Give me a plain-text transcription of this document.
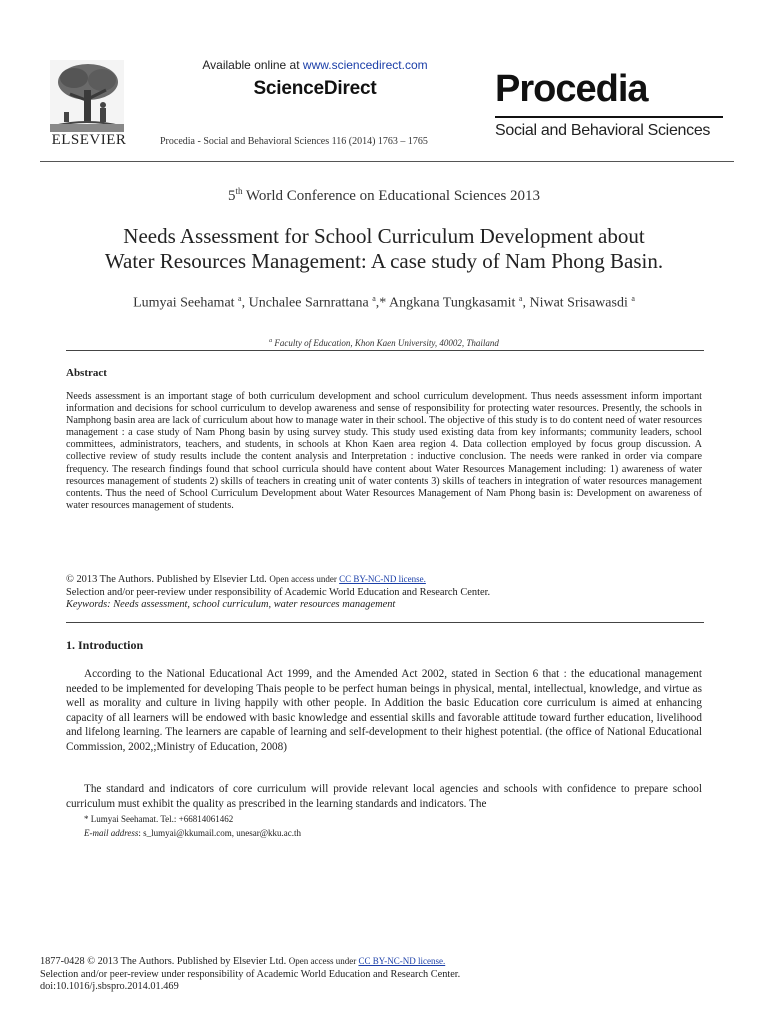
ELSEVIER
Available online at www.sciencedirect.com
ScienceDirect
Procedia - Social and Behavioral Sciences 116 (2014) 1763 – 1765
Procedia
Social and Behavioral Sciences
5th World Conference on Educational Sciences 2013
Needs Assessment for School Curriculum Development about
Water Resources Management: A case study of Nam Phong Basin.
Lumyai Seehamat $^a$, Unchalee Sarnrattana $^a$,* Angkana Tungkasamit $^a$, Niwat Srisawasdi $^a$
$^a$ Faculty of Education, Khon Kaen University, 40002, Thailand
Abstract
Needs assessment is an important stage of both curriculum development and school curriculum development. Thus needs assessment inform important information and decisions for school curriculum to develop awareness and sense of responsibility for protecting water resources. Presently, the schools in Namphong basin area are lack of curriculum about how to manage water in their school. The objective of this study is to do content need of water resources management : a case study of Nam Phong basin by using survey study. This study used existing data from key informants; community leaders, school committees, administrators, teachers, and students, in schools at Khon Kaen area region 4. Data collection employed by focus group discussion. A collective review of study results include the content analysis and Interpretation : inductive conclusion. The needs were ranked in order via compare frequency. The research findings found that school curricula should have content about Water Resources Management including: 1) awareness of water resources management of students 2) skills of teachers in creating unit of water contents 3) skills of teachers in integration of water resources management contents. Thus the need of School Curriculum Development about Water Resources Management of Nam Phong basin is: Development on awareness of water resources management of students.
© 2013 The Authors. Published by Elsevier Ltd. Open access under CC BY-NC-ND license.
Selection and/or peer-review under responsibility of Academic World Education and Research Center.
Keywords: Needs assessment, school curriculum, water resources management
1. Introduction
According to the National Educational Act 1999, and the Amended Act 2002, stated in Section 6 that : the educational management needed to be implemented for developing Thais people to be perfect human beings in physical, mental, intellectual, knowledge, and virtue as well as morality and culture in living happily with other people. In Addition the basic Education core curriculum is aimed at enhancing capacity of all learners will be endowed with basic knowledge and essential skills and favorable attitude toward further education, livelihood and lifelong learning. The learners are capable of learning and self-development to their highest potential. (the office of National Educational Commission, 2002,;Ministry of Education, 2008)
The standard and indicators of core curriculum will provide relevant local agencies and schools with confidence to prepare school curriculum must exhibit the quality as prescribed in the learning standards and indicators. The
* Lumyai Seehamat. Tel.: +66814061462
E-mail address: s_lumyai@kkumail.com, unesar@kku.ac.th
1877-0428 © 2013 The Authors. Published by Elsevier Ltd. Open access under CC BY-NC-ND license.
Selection and/or peer-review under responsibility of Academic World Education and Research Center.
doi:10.1016/j.sbspro.2014.01.469
